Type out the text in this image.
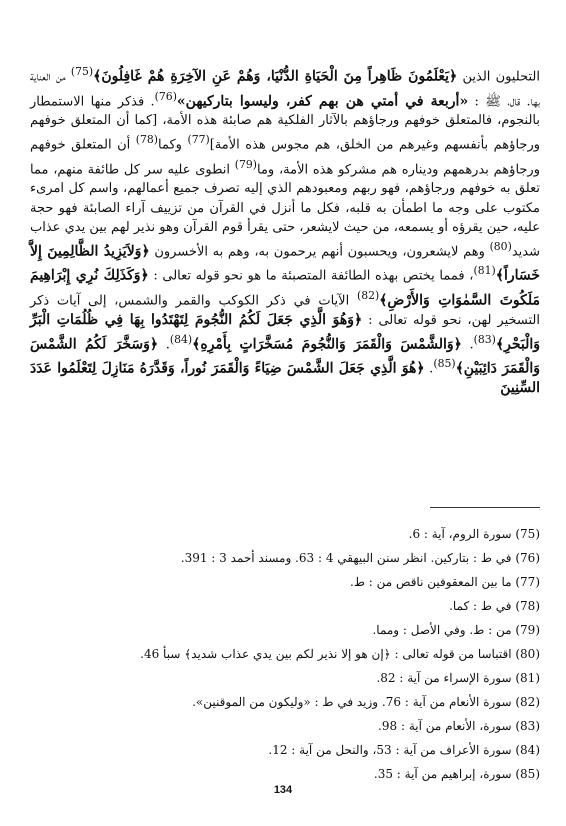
التحليون الذين ﴿يَعْلَمُونَ ظَاهِراً مِنَ الْحَيَاةِ الدُّنْيَا، وَهُمْ عَنِ الآخِرَةِ هُمْ غَافِلُونَ﴾$^{(75)}$ من العناية بها. قال، ﷺ : «أربعة في أمتي هن بهم كفر، وليسوا بتاركيهن»$^{(76)}$. فذكر منها الاستمطار بالنجوم، فالمتعلق خوفهم ورجاؤهم بالآثار الفلكية هم صابئة هذه الأمة، [كما أن المتعلق خوفهم ورجاؤهم بأنفسهم وغيرهم من الخلق، هم مجوس هذه الأمة]$^{(77)}$ وكما$^{(78)}$ أن المتعلق خوفهم ورجاؤهم بدرهمهم وديناره هم مشركو هذه الأمة، وما$^{(79)}$ انطوى عليه سر كل طائفة منهم، مما تعلق به خوفهم ورجاؤهم، فهو ربهم ومعبودهم الذي إليه تصرف جميع أعمالهم، واسم كل امرىء مكتوب على وجه ما اطمأن به قلبه، فكل ما أنزل في القرآن من تزييف آراء الصابئة فهو حجة عليه، حين يقرؤه أو يسمعه، من حيث لايشعر، حتى يقرأ قوم القرآن وهو نذير لهم بين يدي عذاب شديد$^{(80)}$ وهم لايشعرون، ويحسبون أنهم يرحمون به، وهم به الأخسرون ﴿وَلاَيَزِيدُ الظَّالِمِينَ إِلاَّ خَسَاراً﴾$^{(81)}$، فمما يختص بهذه الطائفة المتصبئة ما هو نحو قوله تعالى : ﴿وَكَذَلِكَ نُرِي إِبْرَاهِيمَ مَلَكُوتَ السَّمٰوَاتِ وَالأَرْضِ﴾$^{(82)}$ الآيات في ذكر الكوكب والقمر والشمس، إلى آيات ذكر التسخير لهن، نحو قوله تعالى : ﴿وَهُوَ الَّذِي جَعَلَ لَكُمُ النُّجُومَ لِتَهْتَدُوا بِهَا فِي ظُلُمَاتِ الْبَرِّ وَالْبَحْرِ﴾$^{(83)}$. ﴿وَالشَّمْسَ وَالْقَمَرَ وَالنُّجُومَ مُسَخَّرَاتٍ بِأَمْرِهِ﴾$^{(84)}$. ﴿وَسَخَّرَ لَكُمُ الشَّمْسَ وَالْقَمَرَ دَائِبَيْنِ﴾$^{(85)}$. ﴿هُوَ الَّذِي جَعَلَ الشَّمْسَ ضِيَاءً وَالْقَمَرَ نُوراً، وَقَدَّرَهُ مَنَازِلَ لِتَعْلَمُوا عَدَدَ السِّنِينَ

(75) سورة الروم، آية : 6.
(76) في ط : بتاركين. انظر سنن البيهقي 4 : 63. ومسند أحمد 3 : 391.
(77) ما بين المعقوفين ناقص من : ط.
(78) في ط : كما.
(79) من : ط. وفي الأصل : ومما.
(80) اقتباسا من قوله تعالى : ﴿إن هو إلا نذير لكم بين يدي عذاب شديد﴾ سبأ 46.
(81) سورة الإسراء من آية : 82.
(82) سورة الأنعام من آية : 76. وزيد في ط : «وليكون من الموقنين».
(83) سورة، الأنعام من آية : 98.
(84) سورة الأعراف من آية : 53، والنحل من آية : 12.
(85) سورة، إبراهيم من آية : 35.
134
